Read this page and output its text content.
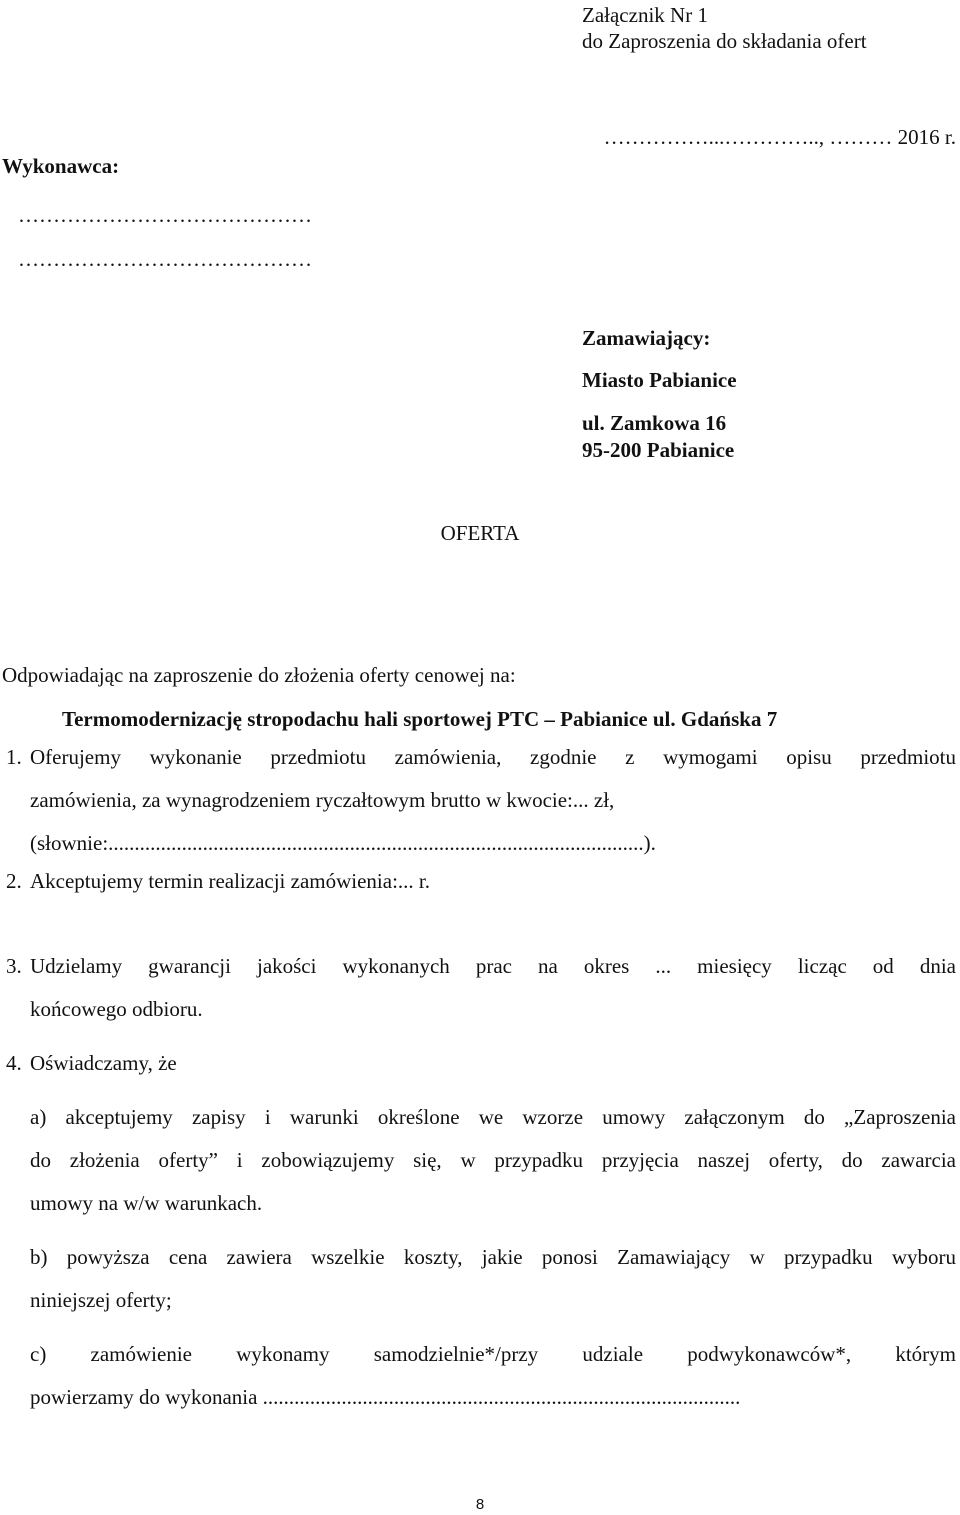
Załącznik Nr 1
do Zaproszenia do składania ofert
……………...………….., ……… 2016 r.
Wykonawca:
……………………………………
……………………………………
Zamawiający:
Miasto Pabianice
ul. Zamkowa 16
95-200 Pabianice
OFERTA
Odpowiadając na zaproszenie do złożenia oferty cenowej na:
Termomodernizację stropodachu hali sportowej PTC – Pabianice ul. Gdańska 7
1. Oferujemy wykonanie przedmiotu zamówienia, zgodnie z wymogami opisu przedmiotu
zamówienia, za wynagrodzeniem ryczałtowym brutto w kwocie:... zł,
(słownie:......................................................................................................).
2. Akceptujemy termin realizacji zamówienia:... r.
3. Udzielamy gwarancji jakości wykonanych prac na okres ... miesięcy licząc od dnia
końcowego odbioru.
4. Oświadczamy, że
a) akceptujemy zapisy i warunki określone we wzorze umowy załączonym do „Zaproszenia
do złożenia oferty” i zobowiązujemy się, w przypadku przyjęcia naszej oferty, do zawarcia
umowy na w/w warunkach.
b) powyższa cena zawiera wszelkie koszty, jakie ponosi Zamawiający w przypadku wyboru
niniejszej oferty;
c) zamówienie wykonamy samodzielnie*/przy udziale podwykonawców*, którym
powierzamy do wykonania ...........................................................................................
8
